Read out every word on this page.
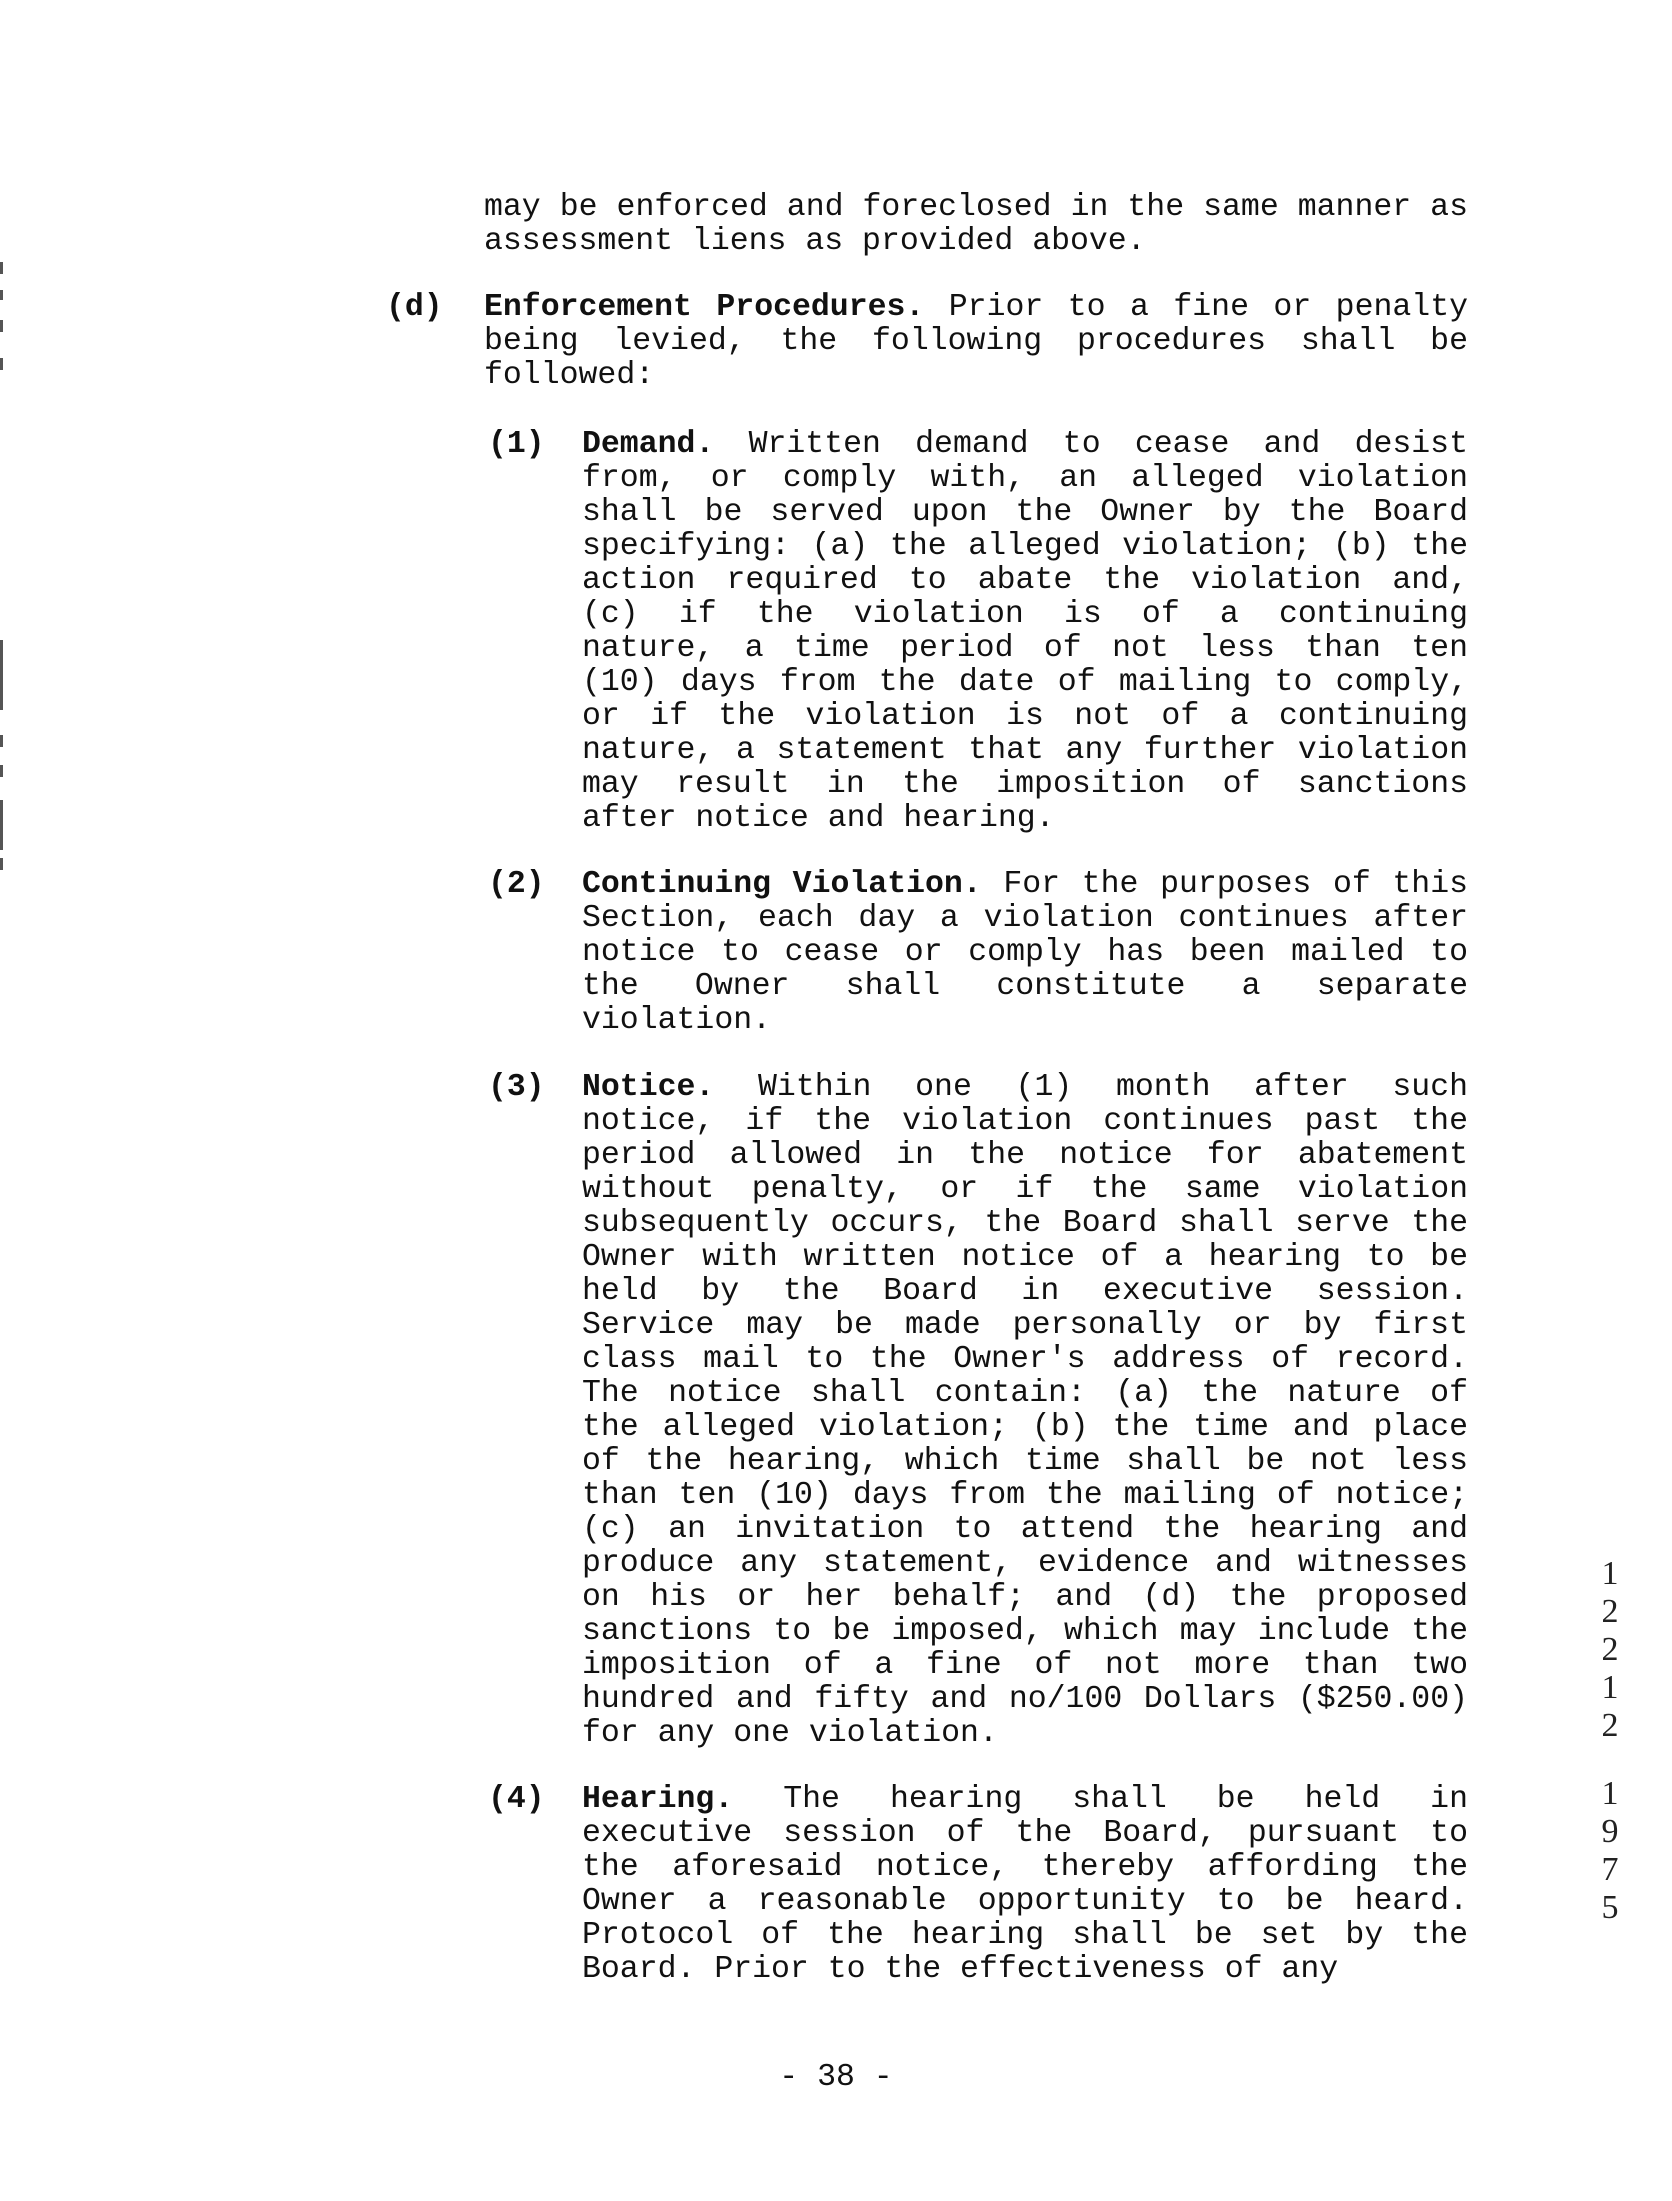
may be enforced and foreclosed in the same manner as assessment liens as provided above.

(d) Enforcement Procedures. Prior to a fine or penalty being levied, the following procedures shall be followed:

(1) Demand. Written demand to cease and desist from, or comply with, an alleged violation shall be served upon the Owner by the Board specifying: (a) the alleged violation; (b) the action required to abate the violation and, (c) if the violation is of a continuing nature, a time period of not less than ten (10) days from the date of mailing to comply, or if the violation is not of a continuing nature, a statement that any further violation may result in the imposition of sanctions after notice and hearing.

(2) Continuing Violation. For the purposes of this Section, each day a violation continues after notice to cease or comply has been mailed to the Owner shall constitute a separate violation.

(3) Notice. Within one (1) month after such notice, if the violation continues past the period allowed in the notice for abatement without penalty, or if the same violation subsequently occurs, the Board shall serve the Owner with written notice of a hearing to be held by the Board in executive session. Service may be made personally or by first class mail to the Owner's address of record. The notice shall contain: (a) the nature of the alleged violation; (b) the time and place of the hearing, which time shall be not less than ten (10) days from the mailing of notice; (c) an invitation to attend the hearing and produce any statement, evidence and witnesses on his or her behalf; and (d) the proposed sanctions to be imposed, which may include the imposition of a fine of not more than two hundred and fifty and no/100 Dollars ($250.00) for any one violation.

(4) Hearing. The hearing shall be held in executive session of the Board, pursuant to the aforesaid notice, thereby affording the Owner a reasonable opportunity to be heard. Protocol of the hearing shall be set by the Board. Prior to the effectiveness of any

- 38 -
1
2
2
1
2
1
9
7
5
